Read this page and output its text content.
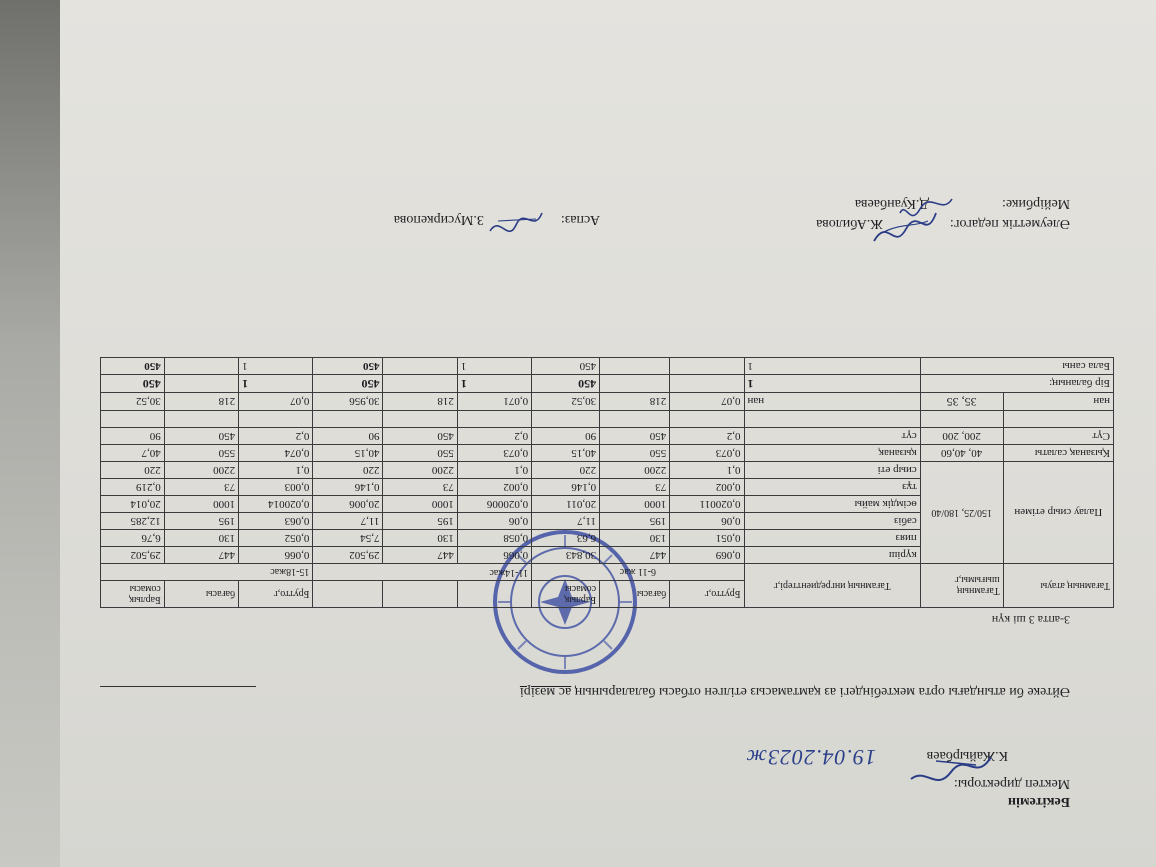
Бекітемін
Мектеп директоры:
К.Жайырбаев
19.04.2023ж
Әйтеке би атындағы орта мектебіндегі аз қамтамасыз етілген отбасы балаларының ас мәзірі
3-апта 3 ші күн
Тағамның атауы	Тағамның шығымы,г	Тағамның ингредиенттері,г	Брутто,г	бағасы	Барлық сомасы				Брутто,г	бағасы	Барлық сомасы
			6-11 жас			11-14жас			15-18жас		
Палау сиыр етімен	150/25, 180/40	күріш	0,069	447	30,843	0,066	447	29,502	0,066	447	29,502
		пияз	0,051	130	6,63	0,058	130	7,54	0,052	130	6,76
		сәбіз	0,06	195	11,7	0,06	195	11,7	0,063	195	12,285
		өсімдік майы	0,020011	1000	20,011	0,020006	1000	20,006	0,020014	1000	20,014
		тұз	0,002	73	0,146	0,002	73	0,146	0,003	73	0,219
		сиыр еті	0,1	2200	220	0,1	2200	220	0,1	2200	220
Қызанақ салаты	40, 40,60	қызанақ	0,073	550	40,15	0,073	550	40,15	0,074	550	40,7
Сүт	200, 200	сүт	0,2	450	90	0,2	450	90	0,2	450	90

нан	35, 35	нан	0,07	218	30,52	0,071	218	30,956	0,07	218	30,52
Бір баланың:		1			450	1		450	1		450
Бала саны		1			450	1		450	1		450
Әлеуметтік педагог:  Ж.Абилова
Мейірбике:  Д.Куанбаева
Аспаз:  З.Мусиркепова
